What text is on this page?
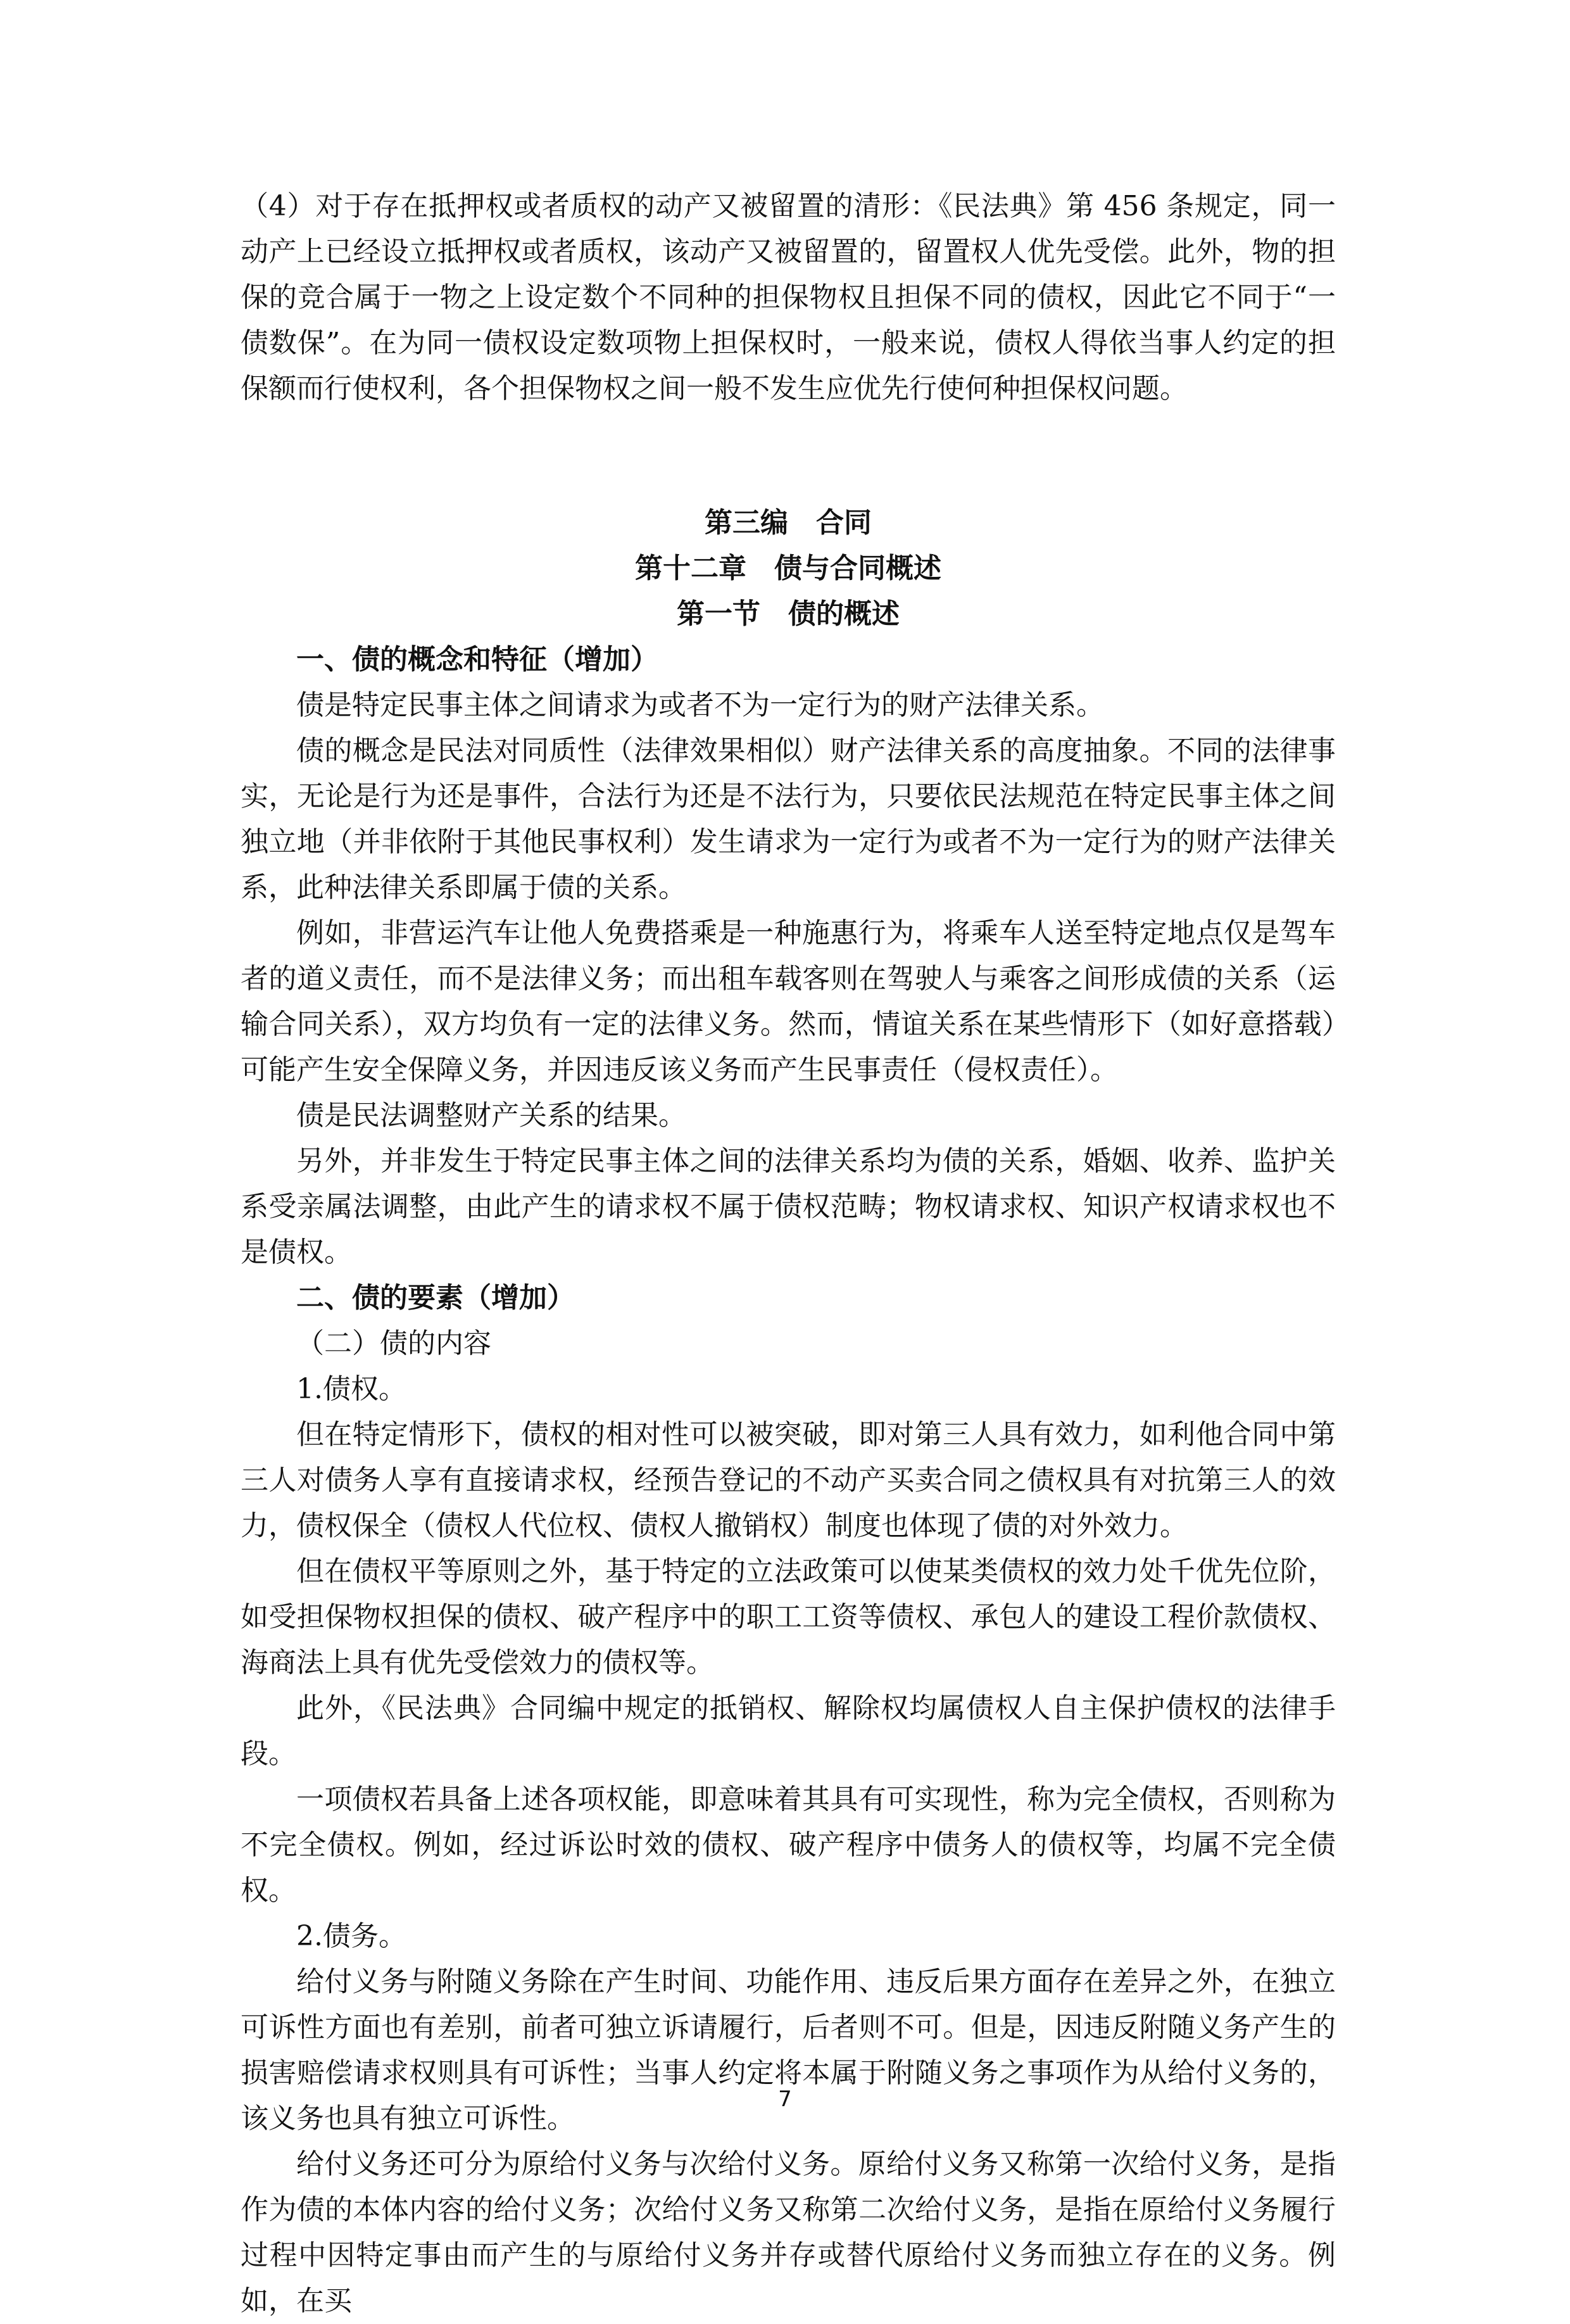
（4）对于存在抵押权或者质权的动产又被留置的清形：《民法典》第 456 条规定，同一动产上已经设立抵押权或者质权，该动产又被留置的，留置权人优先受偿。此外，物的担保的竞合属于一物之上设定数个不同种的担保物权且担保不同的债权，因此它不同于“一债数保”。在为同一债权设定数项物上担保权时，一般来说，债权人得依当事人约定的担保额而行使权利，各个担保物权之间一般不发生应优先行使何种担保权问题。

第三编　合同

第十二章　债与合同概述

第一节　债的概述

一、债的概念和特征（增加）

债是特定民事主体之间请求为或者不为一定行为的财产法律关系。

债的概念是民法对同质性（法律效果相似）财产法律关系的高度抽象。不同的法律事实，无论是行为还是事件，合法行为还是不法行为，只要依民法规范在特定民事主体之间独立地（并非依附于其他民事权利）发生请求为一定行为或者不为一定行为的财产法律关系，此种法律关系即属于债的关系。

例如，非营运汽车让他人免费搭乘是一种施惠行为，将乘车人送至特定地点仅是驾车者的道义责任，而不是法律义务；而出租车载客则在驾驶人与乘客之间形成债的关系（运输合同关系），双方均负有一定的法律义务。然而，情谊关系在某些情形下（如好意搭载）可能产生安全保障义务，并因违反该义务而产生民事责任（侵权责任）。

债是民法调整财产关系的结果。

另外，并非发生于特定民事主体之间的法律关系均为债的关系，婚姻、收养、监护关系受亲属法调整，由此产生的请求权不属于债权范畴；物权请求权、知识产权请求权也不是债权。

二、债的要素（增加）

（二）债的内容

1.债权。

但在特定情形下，债权的相对性可以被突破，即对第三人具有效力，如利他合同中第三人对债务人享有直接请求权，经预告登记的不动产买卖合同之债权具有对抗第三人的效力，债权保全（债权人代位权、债权人撤销权）制度也体现了债的对外效力。

但在债权平等原则之外，基于特定的立法政策可以使某类债权的效力处千优先位阶，如受担保物权担保的债权、破产程序中的职工工资等债权、承包人的建设工程价款债权、海商法上具有优先受偿效力的债权等。

此外，《民法典》合同编中规定的抵销权、解除权均属债权人自主保护债权的法律手段。

一项债权若具备上述各项权能，即意味着其具有可实现性，称为完全债权，否则称为不完全债权。例如，经过诉讼时效的债权、破产程序中债务人的债权等，均属不完全债权。

2.债务。

给付义务与附随义务除在产生时间、功能作用、违反后果方面存在差异之外，在独立可诉性方面也有差别，前者可独立诉请履行，后者则不可。但是，因违反附随义务产生的损害赔偿请求权则具有可诉性；当事人约定将本属于附随义务之事项作为从给付义务的，该义务也具有独立可诉性。

给付义务还可分为原给付义务与次给付义务。原给付义务又称第一次给付义务，是指作为债的本体内容的给付义务；次给付义务又称第二次给付义务，是指在原给付义务履行过程中因特定事由而产生的与原给付义务并存或替代原给付义务而独立存在的义务。例如，在买

7
